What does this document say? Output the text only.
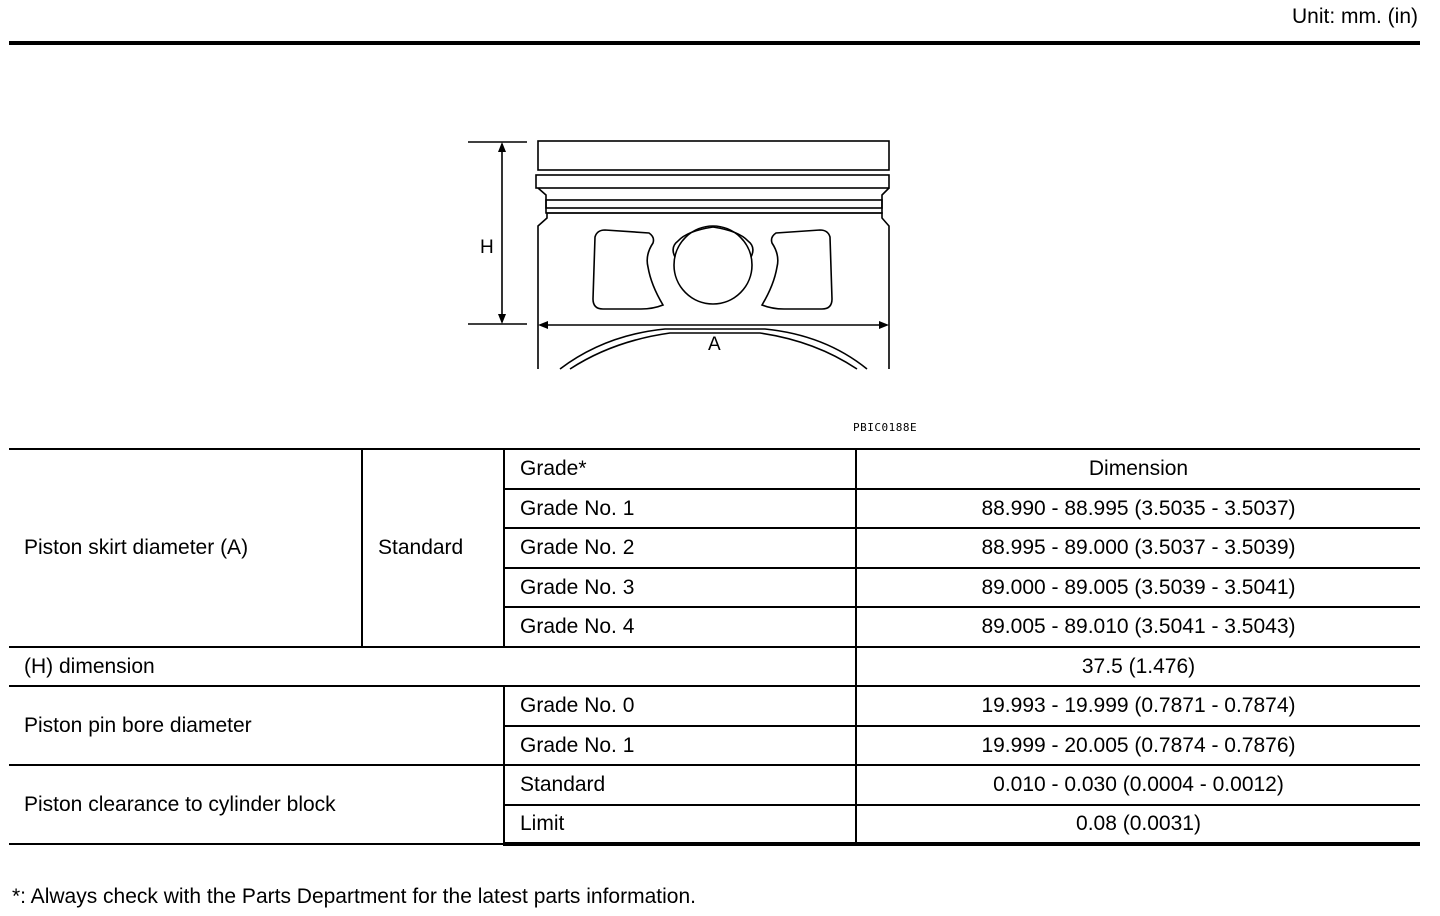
Unit: mm. (in)
H
A
PBIC0188E
Piston skirt diameter (A)	Standard	Grade*	Dimension
		Grade No. 1	88.990 - 88.995 (3.5035 - 3.5037)
		Grade No. 2	88.995 - 89.000 (3.5037 - 3.5039)
		Grade No. 3	89.000 - 89.005 (3.5039 - 3.5041)
		Grade No. 4	89.005 - 89.010 (3.5041 - 3.5043)
(H) dimension			37.5 (1.476)
Piston pin bore diameter		Grade No. 0	19.993 - 19.999 (0.7871 - 0.7874)
		Grade No. 1	19.999 - 20.005 (0.7874 - 0.7876)
Piston clearance to cylinder block		Standard	0.010 - 0.030 (0.0004 - 0.0012)
		Limit	0.08 (0.0031)
*: Always check with the Parts Department for the latest parts information.
